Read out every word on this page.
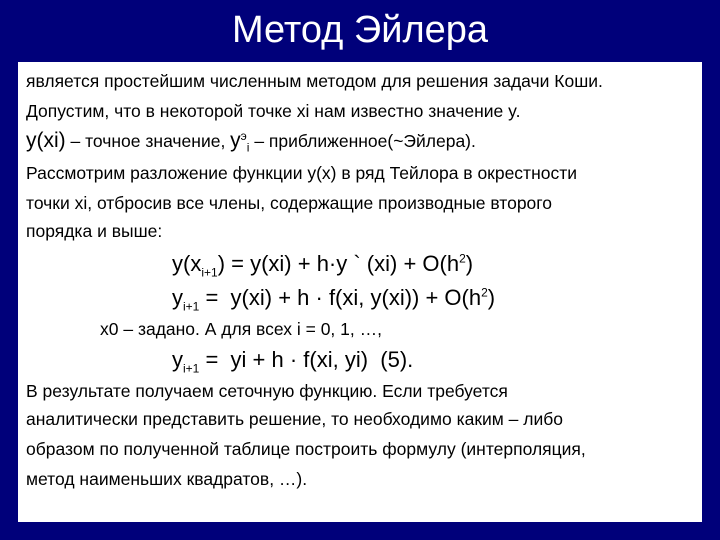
Метод Эйлера
является простейшим численным методом для решения задачи Коши.
Допустим, что в некоторой точке xi нам известно значение y.
y(xi) – точное значение, $y^э_i$ – приближенное(~Эйлера).
Рассмотрим разложение функции y(x) в ряд Тейлора в окрестности
точки xi, отбросив все члены, содержащие производные второго
порядка и выше:
$y(x_{i+1}) = y(xi) + h\cdot y$ ` $(xi) + O(h^2)$
$y_{i+1} = y(xi) + h \cdot f(xi$, $y(xi)) + O(h^2)$
x0 – задано. А для всех i = 0, 1, …,
$y_{i+1}$ =  yi + h · f(xi, yi)  (5).
В результате получаем сеточную функцию. Если требуется
аналитически представить решение, то необходимо каким – либо
образом по полученной таблице построить формулу (интерполяция,
метод наименьших квадратов, …).
